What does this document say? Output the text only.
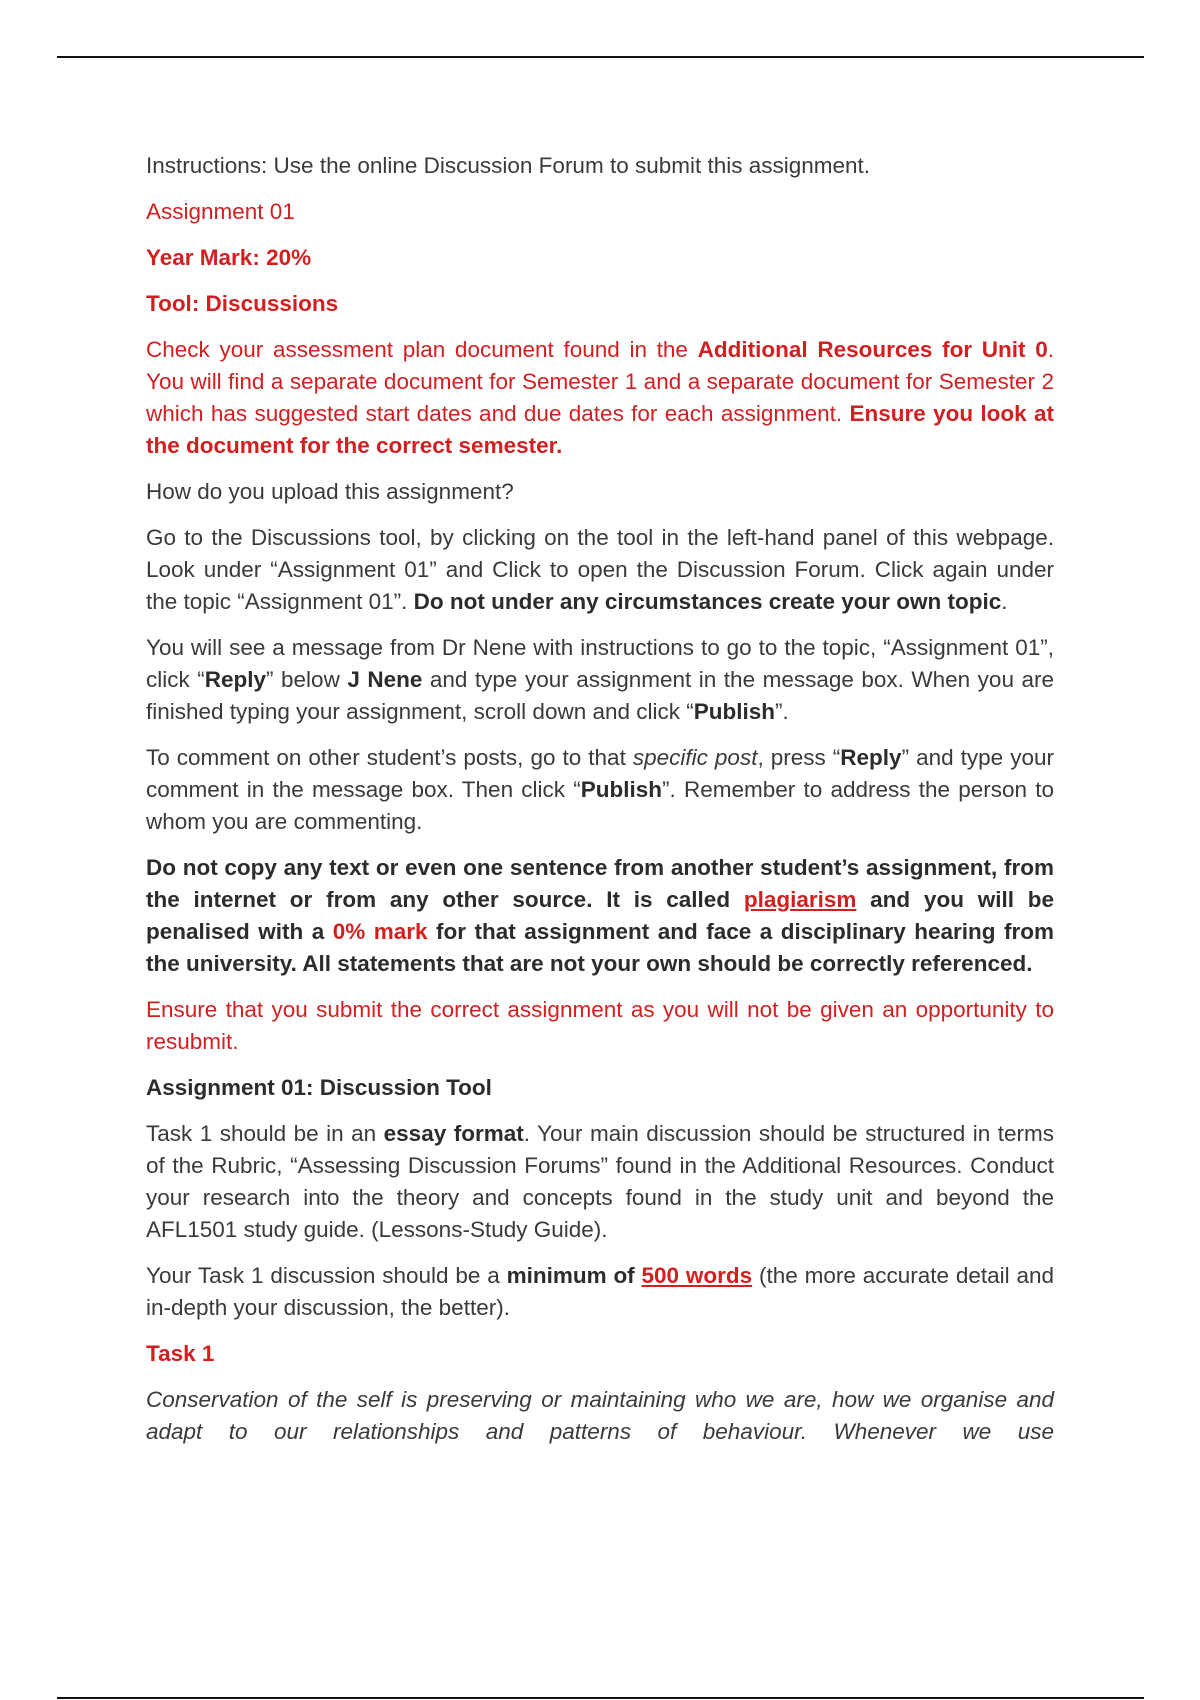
Instructions: Use the online Discussion Forum to submit this assignment.

Assignment 01

Year Mark: 20%

Tool: Discussions

Check your assessment plan document found in the Additional Resources for Unit 0. You will find a separate document for Semester 1 and a separate document for Semester 2 which has suggested start dates and due dates for each assignment. Ensure you look at the document for the correct semester.

How do you upload this assignment?

Go to the Discussions tool, by clicking on the tool in the left-hand panel of this webpage. Look under “Assignment 01” and Click to open the Discussion Forum. Click again under the topic “Assignment 01”. Do not under any circumstances create your own topic.

You will see a message from Dr Nene with instructions to go to the topic, “Assignment 01”, click “Reply” below J Nene and type your assignment in the message box. When you are finished typing your assignment, scroll down and click “Publish”.

To comment on other student’s posts, go to that specific post, press “Reply” and type your comment in the message box. Then click “Publish”. Remember to address the person to whom you are commenting.

Do not copy any text or even one sentence from another student’s assignment, from the internet or from any other source. It is called plagiarism and you will be penalised with a 0% mark for that assignment and face a disciplinary hearing from the university. All statements that are not your own should be correctly referenced.

Ensure that you submit the correct assignment as you will not be given an opportunity to resubmit.

Assignment 01: Discussion Tool

Task 1 should be in an essay format. Your main discussion should be structured in terms of the Rubric, “Assessing Discussion Forums” found in the Additional Resources. Conduct your research into the theory and concepts found in the study unit and beyond the AFL1501 study guide. (Lessons-Study Guide).

Your Task 1 discussion should be a minimum of 500 words (the more accurate detail and in-depth your discussion, the better).

Task 1

Conservation of the self is preserving or maintaining who we are, how we organise and adapt to our relationships and patterns of behaviour. Whenever we use
